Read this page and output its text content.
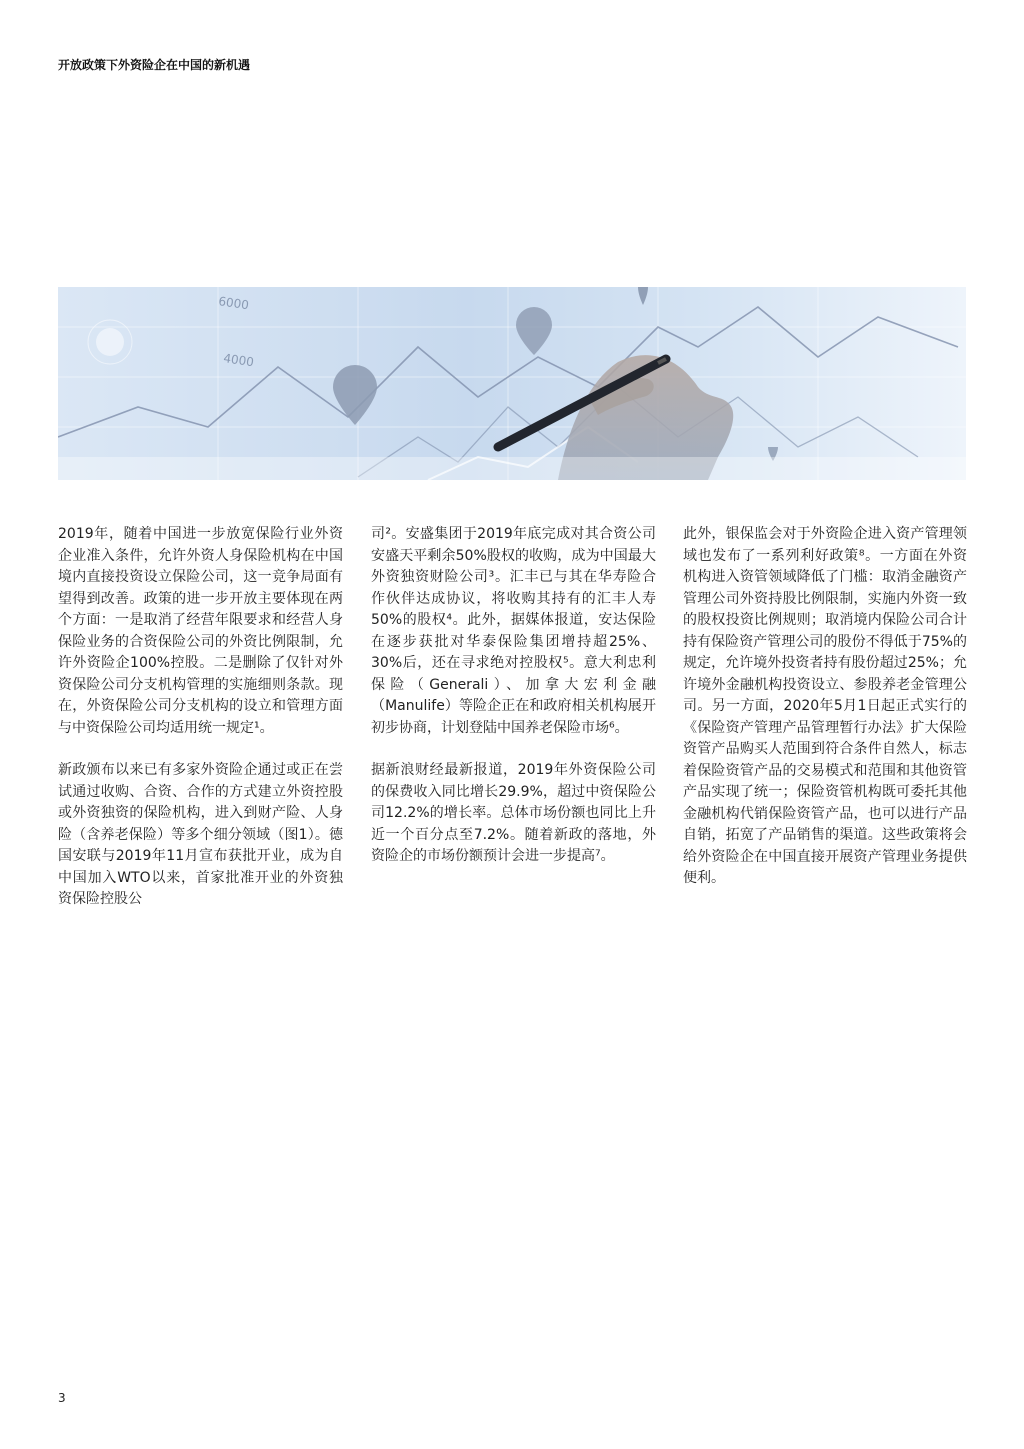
开放政策下外资险企在中国的新机遇
6000
4000

2019年，随着中国进一步放宽保险行业外资企业准入条件，允许外资人身保险机构在中国境内直接投资设立保险公司，这一竞争局面有望得到改善。政策的进一步开放主要体现在两个方面：一是取消了经营年限要求和经营人身保险业务的合资保险公司的外资比例限制，允许外资险企100%控股。二是删除了仅针对外资保险公司分支机构管理的实施细则条款。现在，外资保险公司分支机构的设立和管理方面与中资保险公司均适用统一规定¹。

新政颁布以来已有多家外资险企通过或正在尝试通过收购、合资、合作的方式建立外资控股或外资独资的保险机构，进入到财产险、人身险（含养老保险）等多个细分领域（图1）。德国安联与2019年11月宣布获批开业，成为自中国加入WTO以来，首家批准开业的外资独资保险控股公

司²。安盛集团于2019年底完成对其合资公司安盛天平剩余50%股权的收购，成为中国最大外资独资财险公司³。汇丰已与其在华寿险合作伙伴达成协议，将收购其持有的汇丰人寿50%的股权⁴。此外，据媒体报道，安达保险在逐步获批对华泰保险集团增持超25%、30%后，还在寻求绝对控股权⁵。意大利忠利保险（Generali）、加拿大宏利金融（Manulife）等险企正在和政府相关机构展开初步协商，计划登陆中国养老保险市场⁶。

据新浪财经最新报道，2019年外资保险公司的保费收入同比增长29.9%，超过中资保险公司12.2%的增长率。总体市场份额也同比上升近一个百分点至7.2%。随着新政的落地，外资险企的市场份额预计会进一步提高⁷。

此外，银保监会对于外资险企进入资产管理领域也发布了一系列利好政策⁸。一方面在外资机构进入资管领域降低了门槛：取消金融资产管理公司外资持股比例限制，实施内外资一致的股权投资比例规则；取消境内保险公司合计持有保险资产管理公司的股份不得低于75%的规定，允许境外投资者持有股份超过25%；允许境外金融机构投资设立、参股养老金管理公司。另一方面，2020年5月1日起正式实行的《保险资产管理产品管理暂行办法》扩大保险资管产品购买人范围到符合条件自然人，标志着保险资管产品的交易模式和范围和其他资管产品实现了统一；保险资管机构既可委托其他金融机构代销保险资管产品，也可以进行产品自销，拓宽了产品销售的渠道。这些政策将会给外资险企在中国直接开展资产管理业务提供便利。

3
